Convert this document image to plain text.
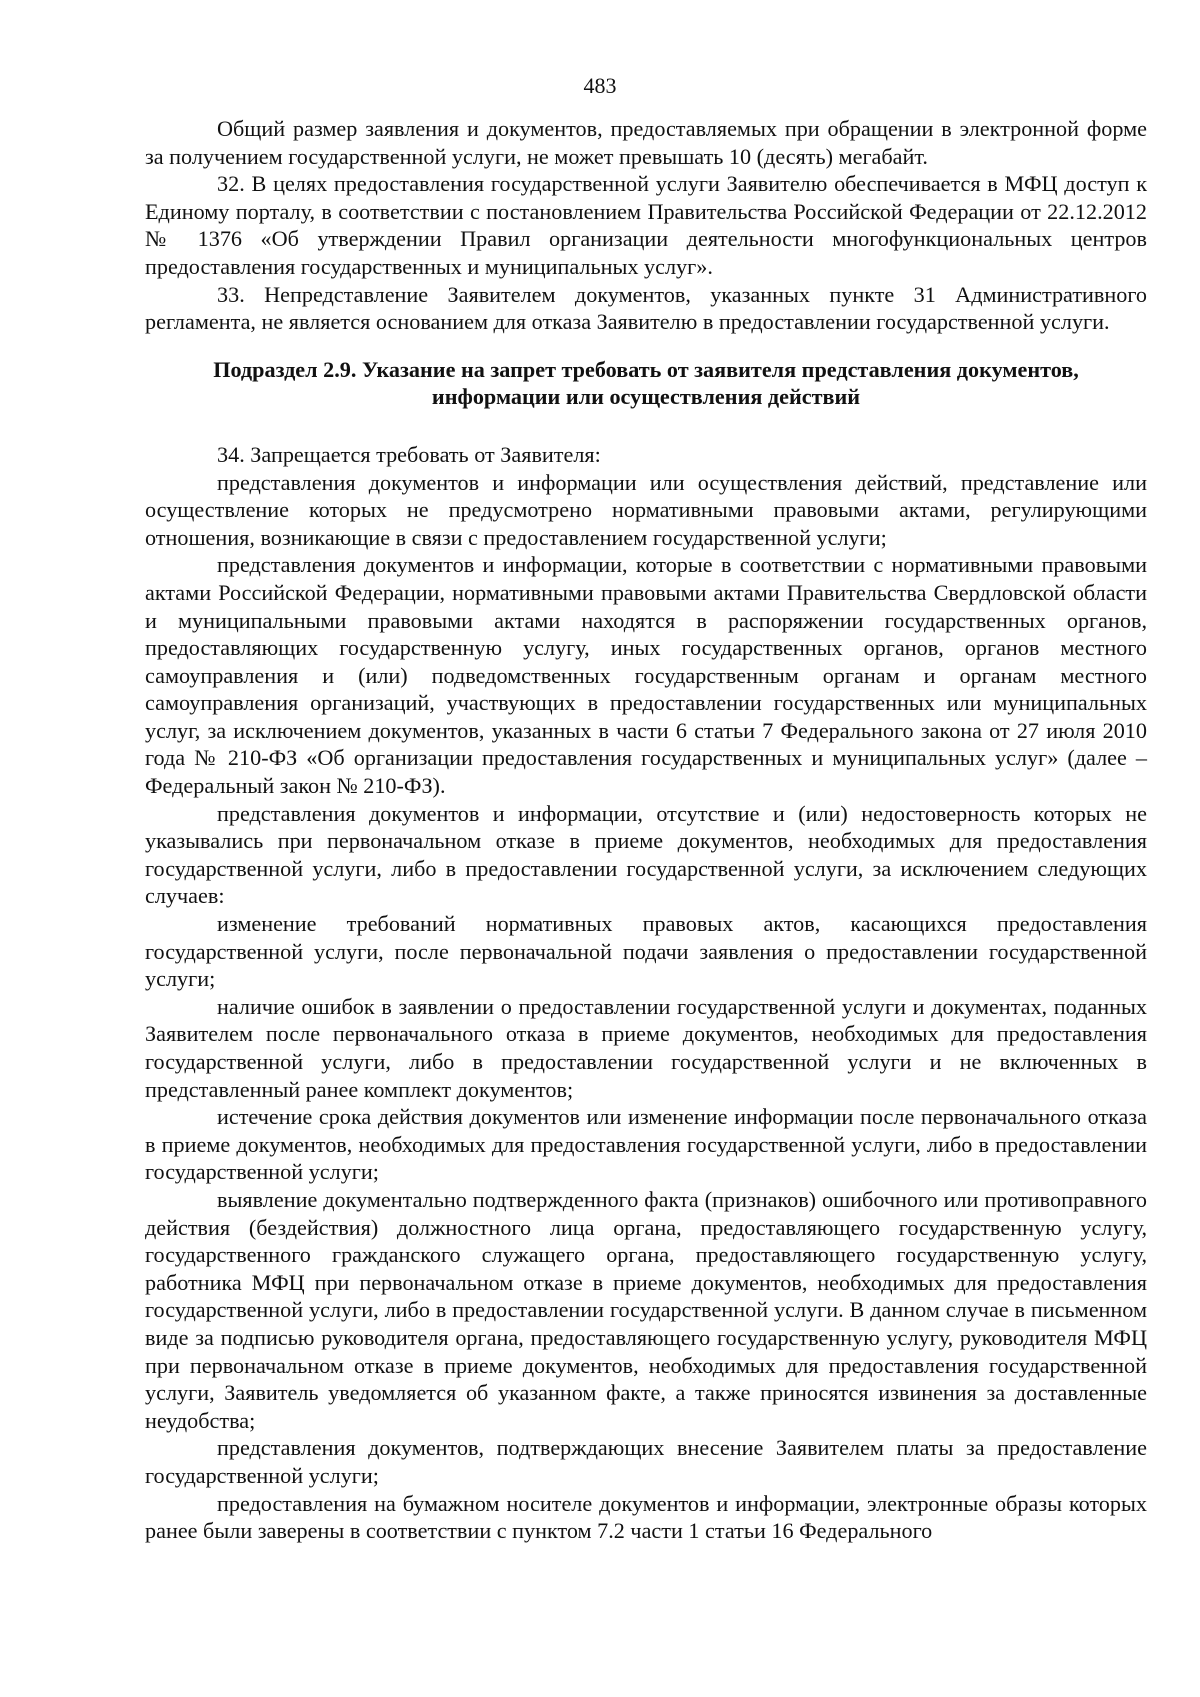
483

Общий размер заявления и документов, предоставляемых при обращении в электронной форме за получением государственной услуги, не может превышать 10 (десять) мегабайт.

32. В целях предоставления государственной услуги Заявителю обеспечивается в МФЦ доступ к Единому порталу, в соответствии с постановлением Правительства Российской Федерации от 22.12.2012 № 1376 «Об утверждении Правил организации деятельности многофункциональных центров предоставления государственных и муниципальных услуг».

33. Непредставление Заявителем документов, указанных пункте 31 Административного регламента, не является основанием для отказа Заявителю в предоставлении государственной услуги.

Подраздел 2.9. Указание на запрет требовать от заявителя представления документов,
информации или осуществления действий

34. Запрещается требовать от Заявителя:

представления документов и информации или осуществления действий, представление или осуществление которых не предусмотрено нормативными правовыми актами, регулирующими отношения, возникающие в связи с предоставлением государственной услуги;

представления документов и информации, которые в соответствии с нормативными правовыми актами Российской Федерации, нормативными правовыми актами Правительства Свердловской области и муниципальными правовыми актами находятся в распоряжении государственных органов, предоставляющих государственную услугу, иных государственных органов, органов местного самоуправления и (или) подведомственных государственным органам и органам местного самоуправления организаций, участвующих в предоставлении государственных или муниципальных услуг, за исключением документов, указанных в части 6 статьи 7 Федерального закона от 27 июля 2010 года № 210-ФЗ «Об организации предоставления государственных и муниципальных услуг» (далее – Федеральный закон № 210-ФЗ).

представления документов и информации, отсутствие и (или) недостоверность которых не указывались при первоначальном отказе в приеме документов, необходимых для предоставления государственной услуги, либо в предоставлении государственной услуги, за исключением следующих случаев:

изменение требований нормативных правовых актов, касающихся предоставления государственной услуги, после первоначальной подачи заявления о предоставлении государственной услуги;

наличие ошибок в заявлении о предоставлении государственной услуги и документах, поданных Заявителем после первоначального отказа в приеме документов, необходимых для предоставления государственной услуги, либо в предоставлении государственной услуги и не включенных в представленный ранее комплект документов;

истечение срока действия документов или изменение информации после первоначального отказа в приеме документов, необходимых для предоставления государственной услуги, либо в предоставлении государственной услуги;

выявление документально подтвержденного факта (признаков) ошибочного или противоправного действия (бездействия) должностного лица органа, предоставляющего государственную услугу, государственного гражданского служащего органа, предоставляющего государственную услугу, работника МФЦ при первоначальном отказе в приеме документов, необходимых для предоставления государственной услуги, либо в предоставлении государственной услуги. В данном случае в письменном виде за подписью руководителя органа, предоставляющего государственную услугу, руководителя МФЦ при первоначальном отказе в приеме документов, необходимых для предоставления государственной услуги, Заявитель уведомляется об указанном факте, а также приносятся извинения за доставленные неудобства;

представления документов, подтверждающих внесение Заявителем платы за предоставление государственной услуги;

предоставления на бумажном носителе документов и информации, электронные образы которых ранее были заверены в соответствии с пунктом 7.2 части 1 статьи 16 Федерального
